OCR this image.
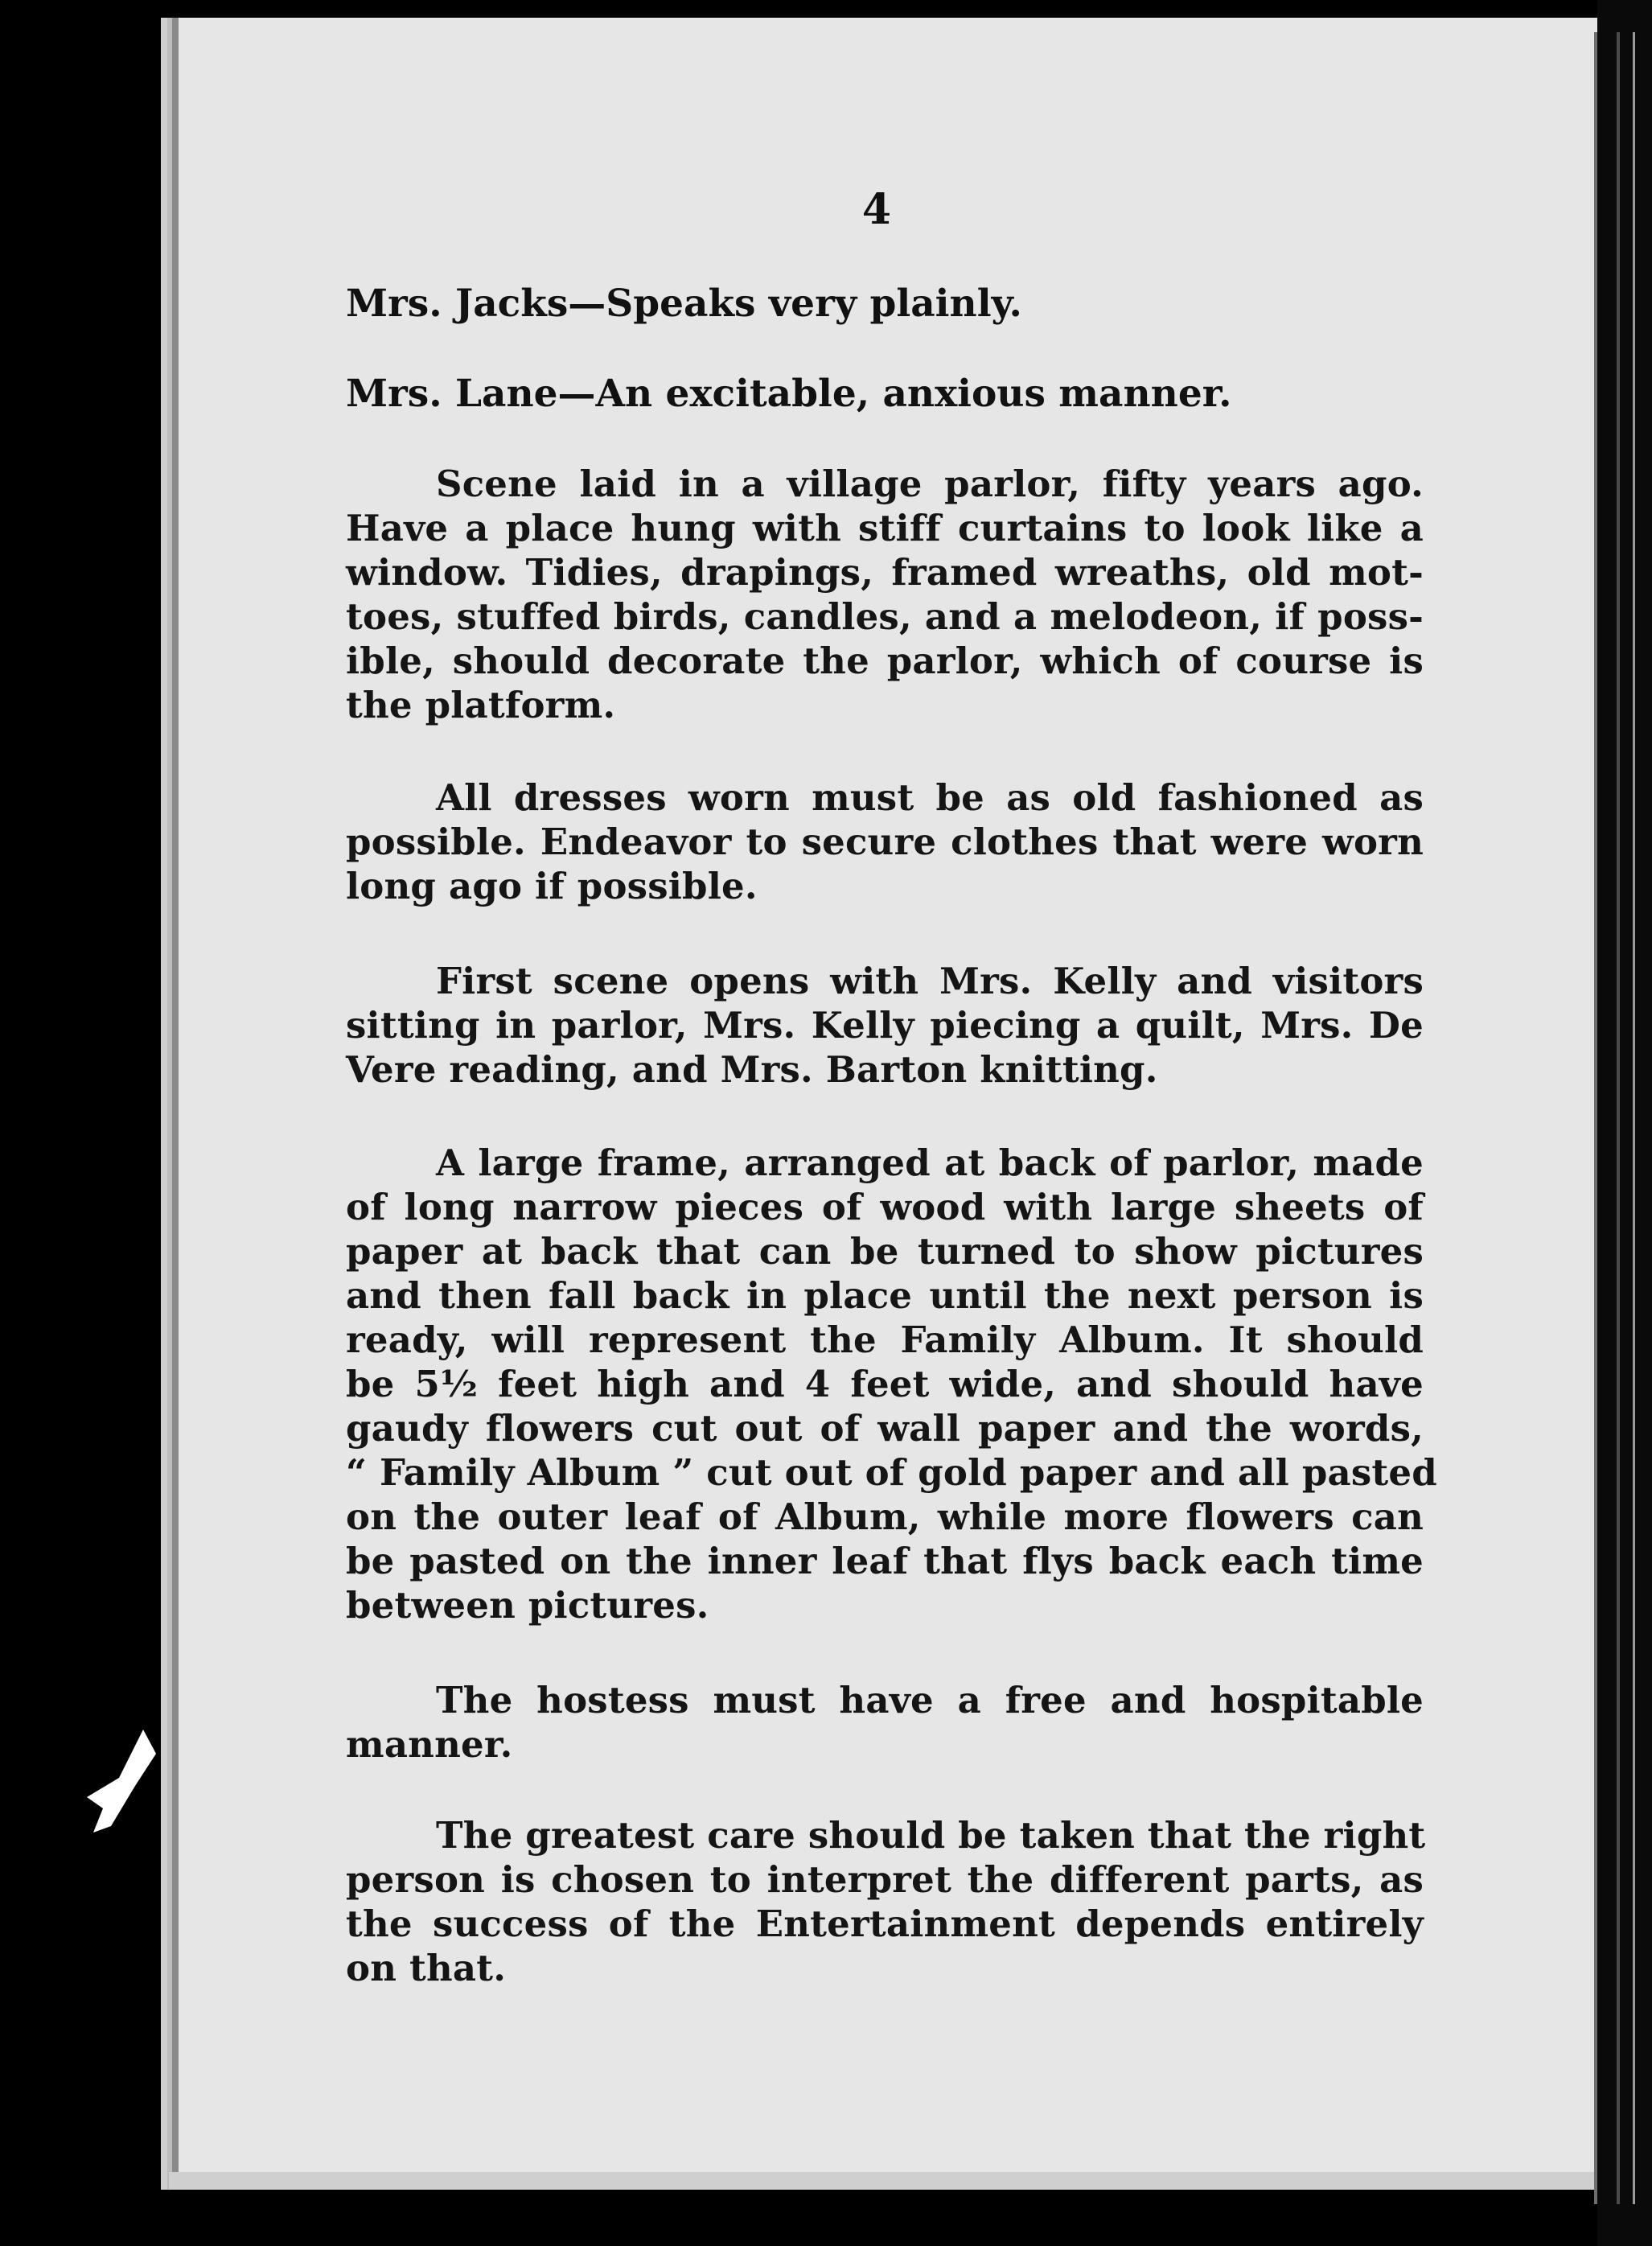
4
Mrs. Jacks—Speaks very plainly.
Mrs. Lane—An excitable, anxious manner.
Scene laid in a village parlor, fifty years ago.
Have a place hung with stiff curtains to look like a
window. Tidies, drapings, framed wreaths, old mot-
toes, stuffed birds, candles, and a melodeon, if poss-
ible, should decorate the parlor, which of course is
the platform.
All dresses worn must be as old fashioned as
possible. Endeavor to secure clothes that were worn
long ago if possible.
First scene opens with Mrs. Kelly and visitors
sitting in parlor, Mrs. Kelly piecing a quilt, Mrs. De
Vere reading, and Mrs. Barton knitting.
A large frame, arranged at back of parlor, made
of long narrow pieces of wood with large sheets of
paper at back that can be turned to show pictures
and then fall back in place until the next person is
ready, will represent the Family Album. It should
be 5½ feet high and 4 feet wide, and should have
gaudy flowers cut out of wall paper and the words,
“ Family Album ” cut out of gold paper and all pasted
on the outer leaf of Album, while more flowers can
be pasted on the inner leaf that flys back each time
between pictures.
The hostess must have a free and hospitable
manner.
The greatest care should be taken that the right
person is chosen to interpret the different parts, as
the success of the Entertainment depends entirely
on that.
